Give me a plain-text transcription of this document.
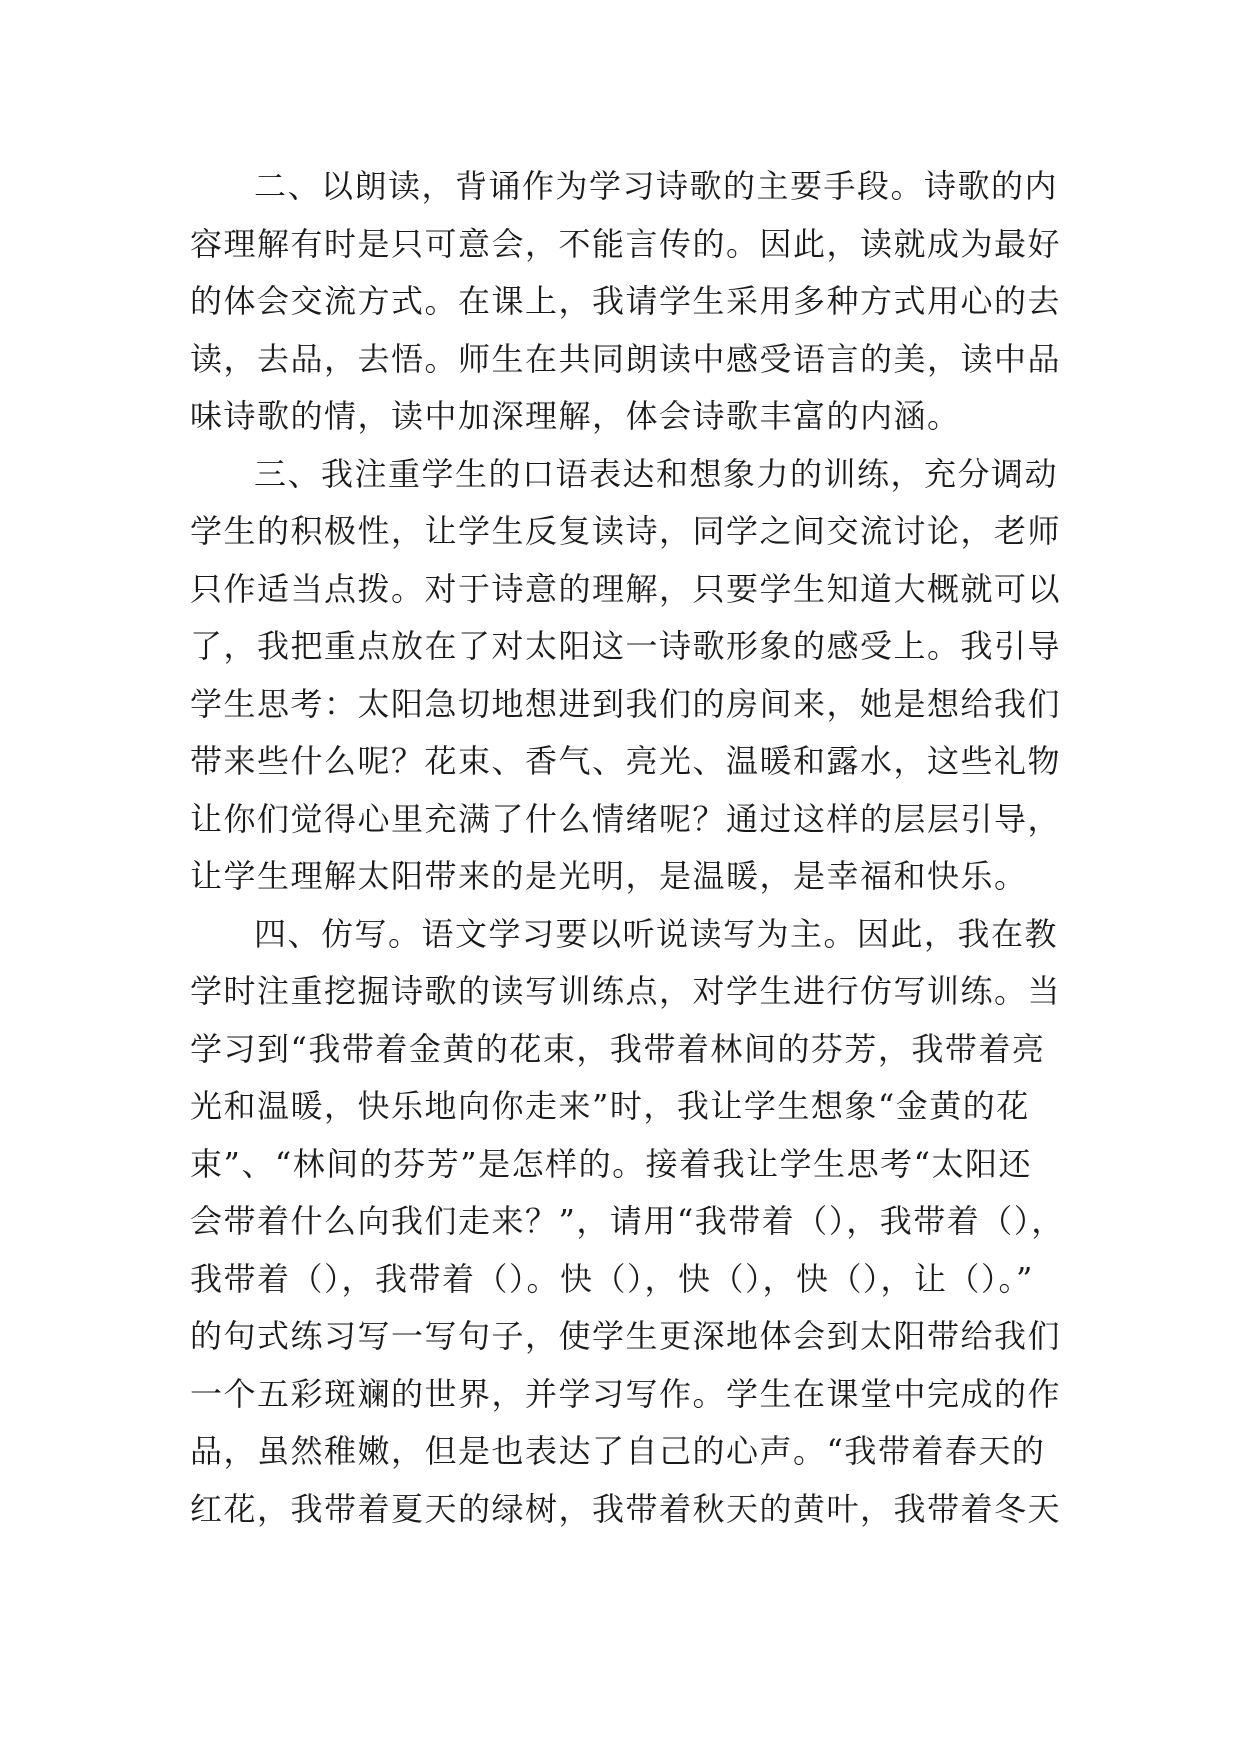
二、以朗读，背诵作为学习诗歌的主要手段。诗歌的内
容理解有时是只可意会，不能言传的。因此，读就成为最好
的体会交流方式。在课上，我请学生采用多种方式用心的去
读，去品，去悟。师生在共同朗读中感受语言的美，读中品
味诗歌的情，读中加深理解，体会诗歌丰富的内涵。
三、我注重学生的口语表达和想象力的训练，充分调动
学生的积极性，让学生反复读诗，同学之间交流讨论，老师
只作适当点拨。对于诗意的理解，只要学生知道大概就可以
了，我把重点放在了对太阳这一诗歌形象的感受上。我引导
学生思考：太阳急切地想进到我们的房间来，她是想给我们
带来些什么呢？花束、香气、亮光、温暖和露水，这些礼物
让你们觉得心里充满了什么情绪呢？通过这样的层层引导，
让学生理解太阳带来的是光明，是温暖，是幸福和快乐。
四、仿写。语文学习要以听说读写为主。因此，我在教
学时注重挖掘诗歌的读写训练点，对学生进行仿写训练。当
学习到“我带着金黄的花束，我带着林间的芬芳，我带着亮
光和温暖，快乐地向你走来”时，我让学生想象“金黄的花
束”、“林间的芬芳”是怎样的。接着我让学生思考“太阳还
会带着什么向我们走来？”，请用“我带着（），我带着（），
我带着（），我带着（）。快（），快（），快（），让（）。”
的句式练习写一写句子，使学生更深地体会到太阳带给我们
一个五彩斑斓的世界，并学习写作。学生在课堂中完成的作
品，虽然稚嫩，但是也表达了自己的心声。“我带着春天的
红花，我带着夏天的绿树，我带着秋天的黄叶，我带着冬天
